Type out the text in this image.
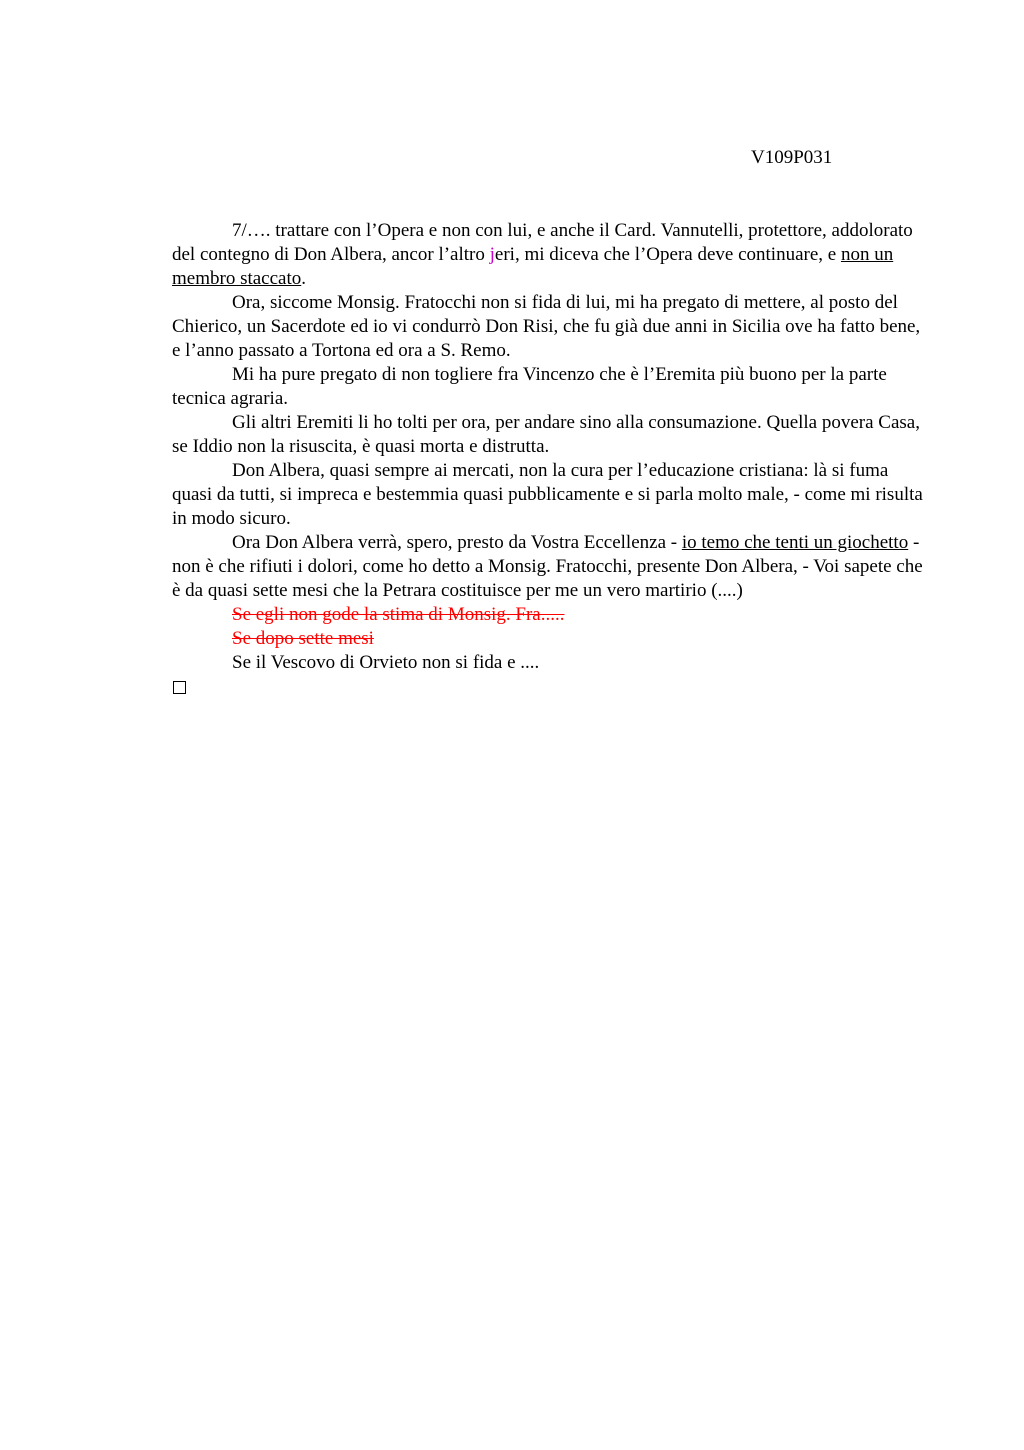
V109P031

7/…. trattare con l’Opera e non con lui, e anche il Card. Vannutelli, protettore, addolorato del contegno di Don Albera, ancor l’altro jeri, mi diceva che l’Opera deve continuare, e non un membro staccato.

Ora, siccome Monsig. Fratocchi non si fida di lui, mi ha pregato di mettere, al posto del Chierico, un Sacerdote ed io vi condurrò Don Risi, che fu già due anni in Sicilia ove ha fatto bene, e l’anno passato a Tortona ed ora a S. Remo.

Mi ha pure pregato di non togliere fra Vincenzo che è l’Eremita più buono per la parte tecnica agraria.

Gli altri Eremiti li ho tolti per ora, per andare sino alla consumazione. Quella povera Casa, se Iddio non la risuscita, è quasi morta e distrutta.

Don Albera, quasi sempre ai mercati, non la cura per l’educazione cristiana: là si fuma quasi da tutti, si impreca e bestemmia quasi pubblicamente e si parla molto male, - come mi risulta in modo sicuro.

Ora Don Albera verrà, spero, presto da Vostra Eccellenza - io temo che tenti un giochetto - non è che rifiuti i dolori, come ho detto a Monsig. Fratocchi, presente Don Albera, - Voi sapete che è da quasi sette mesi che la Petrara costituisce per me un vero martirio (....)

Se egli non gode la stima di Monsig. Fra.....

Se dopo sette mesi

Se il Vescovo di Orvieto non si fida e ....
